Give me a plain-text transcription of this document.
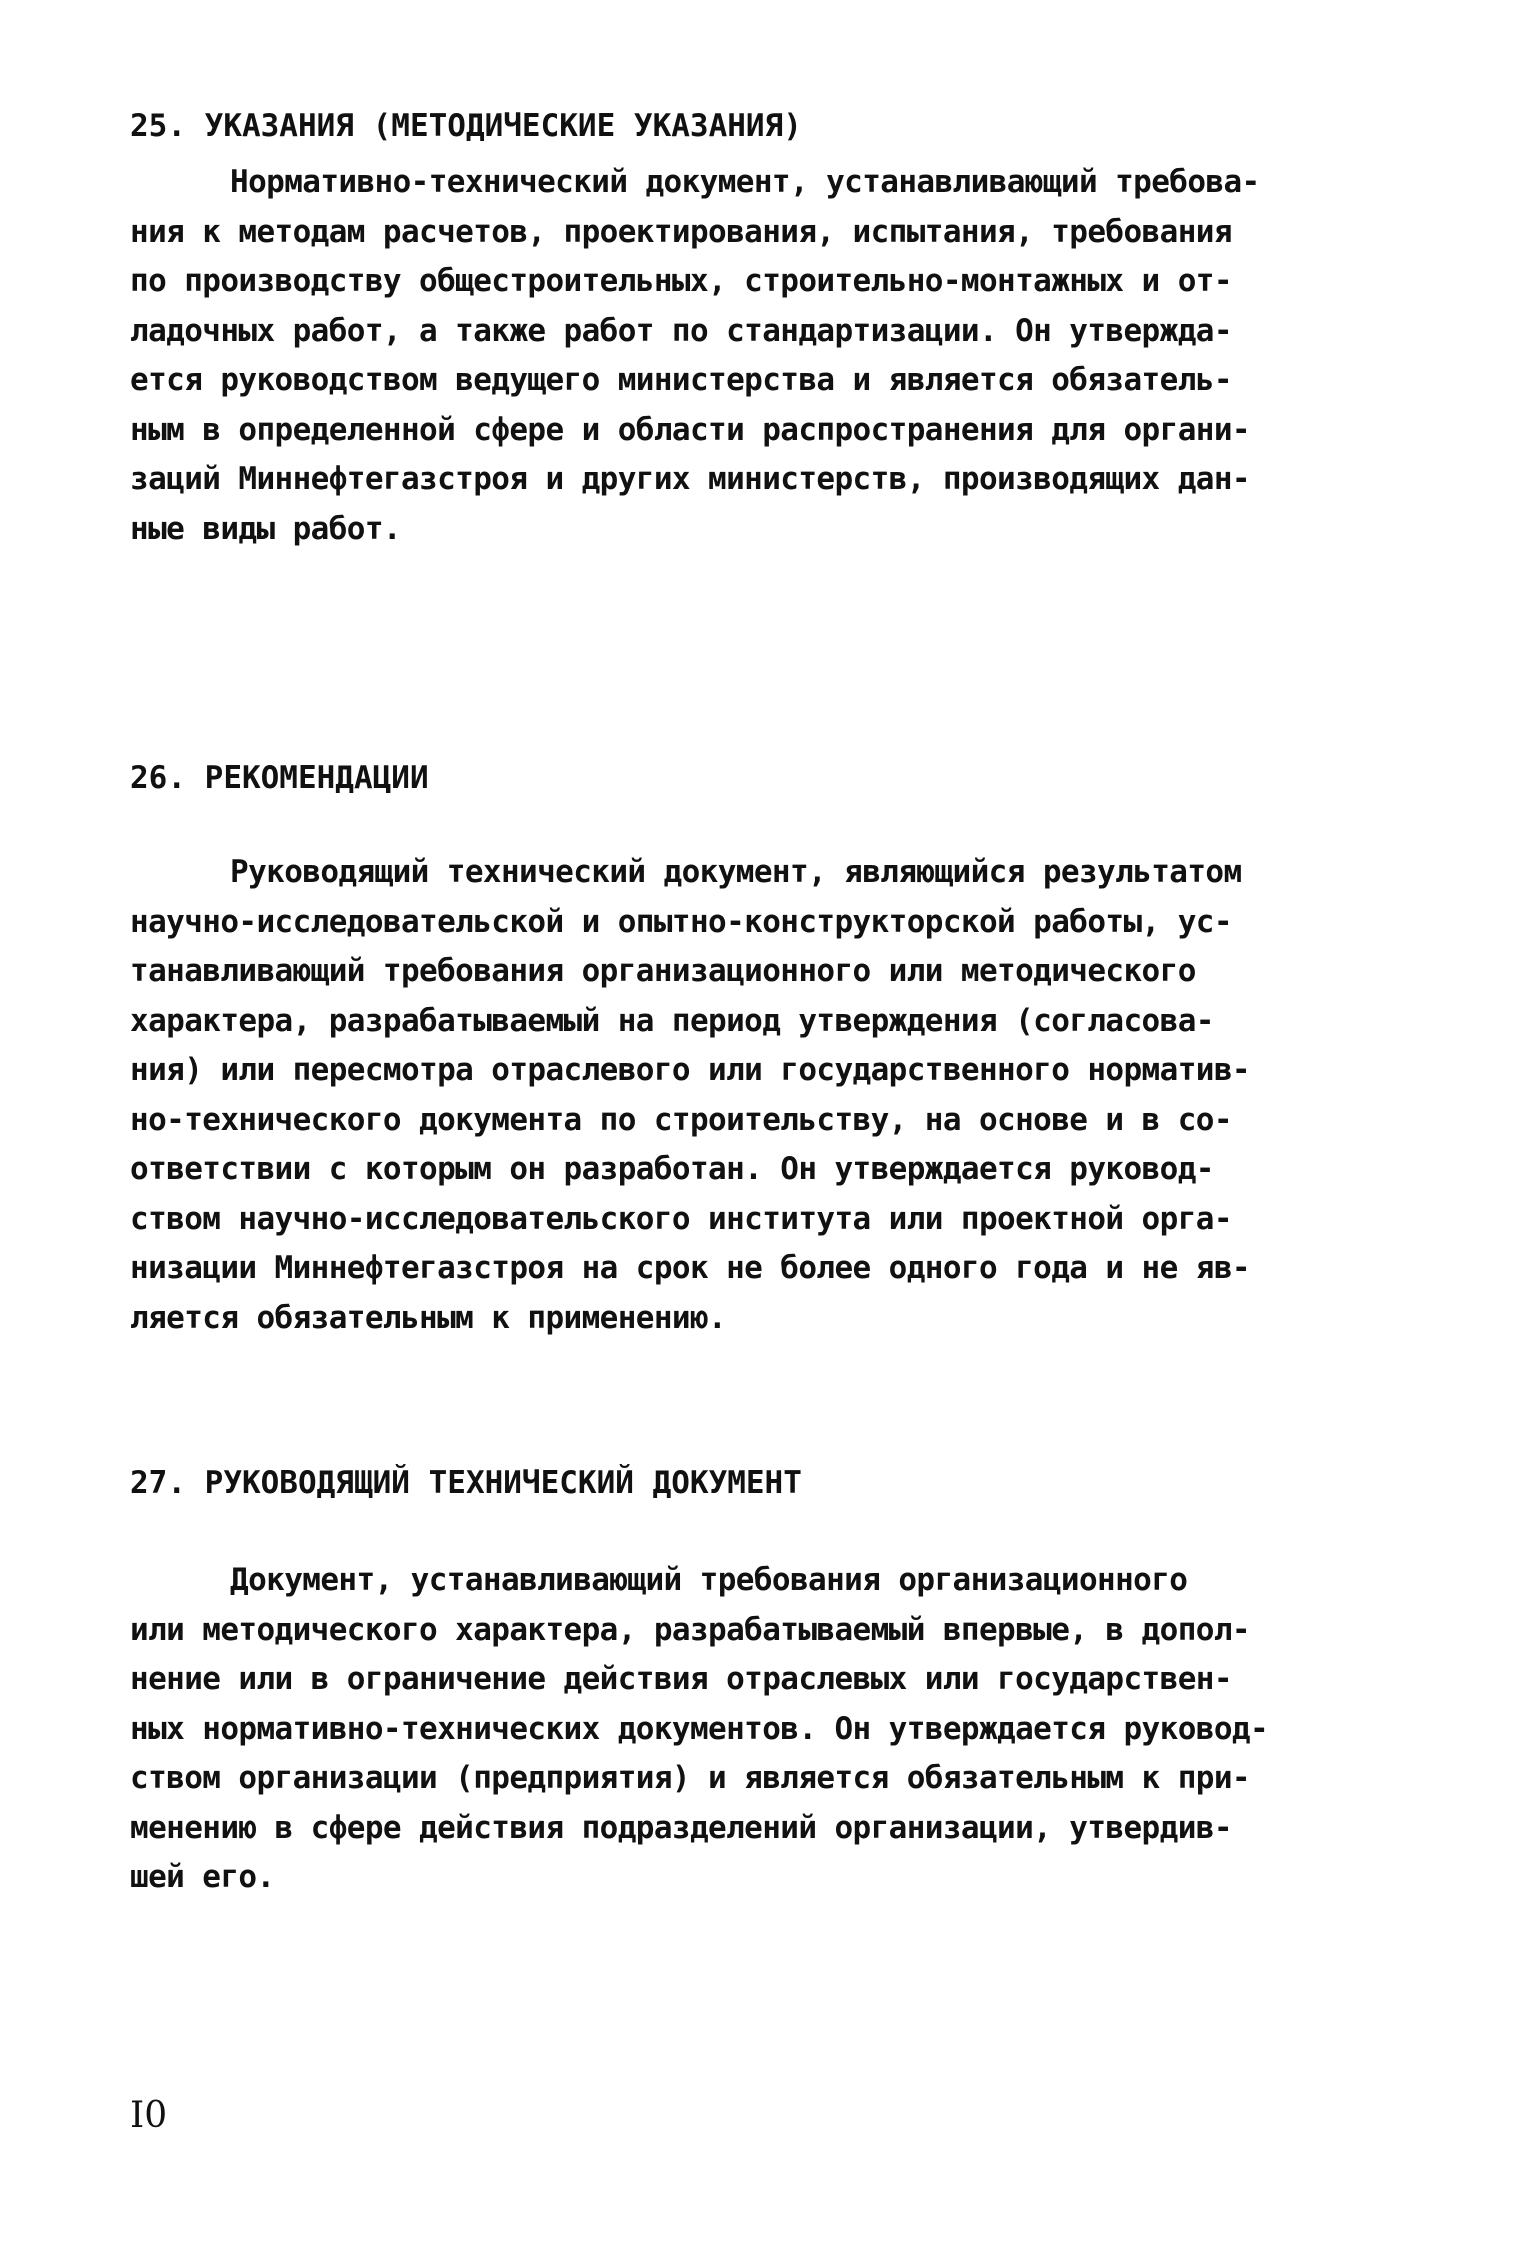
25. УКАЗАНИЯ (МЕТОДИЧЕСКИЕ УКАЗАНИЯ)
Нормативно-технический документ, устанавливающий требова-
ния к методам расчетов, проектирования, испытания, требования
по производству общестроительных, строительно-монтажных и от-
ладочных работ, а также работ по стандартизации. Он утвержда-
ется руководством ведущего министерства и является обязатель-
ным в определенной сфере и области распространения для органи-
заций Миннефтегазстроя и других министерств, производящих дан-
ные виды работ.
26. РЕКОМЕНДАЦИИ
Руководящий технический документ, являющийся результатом
научно-исследовательской и опытно-конструкторской работы, ус-
танавливающий требования организационного или методического
характера, разрабатываемый на период утверждения (согласова-
ния) или пересмотра отраслевого или государственного норматив-
но-технического документа по строительству, на основе и в со-
ответствии с которым он разработан. Он утверждается руковод-
ством научно-исследовательского института или проектной орга-
низации Миннефтегазстроя на срок не более одного года и не яв-
ляется обязательным к применению.
27. РУКОВОДЯЩИЙ ТЕХНИЧЕСКИЙ ДОКУМЕНТ
Документ, устанавливающий требования организационного
или методического характера, разрабатываемый впервые, в допол-
нение или в ограничение действия отраслевых или государствен-
ных нормативно-технических документов. Он утверждается руковод-
ством организации (предприятия) и является обязательным к при-
менению в сфере действия подразделений организации, утвердив-
шей его.
I0
